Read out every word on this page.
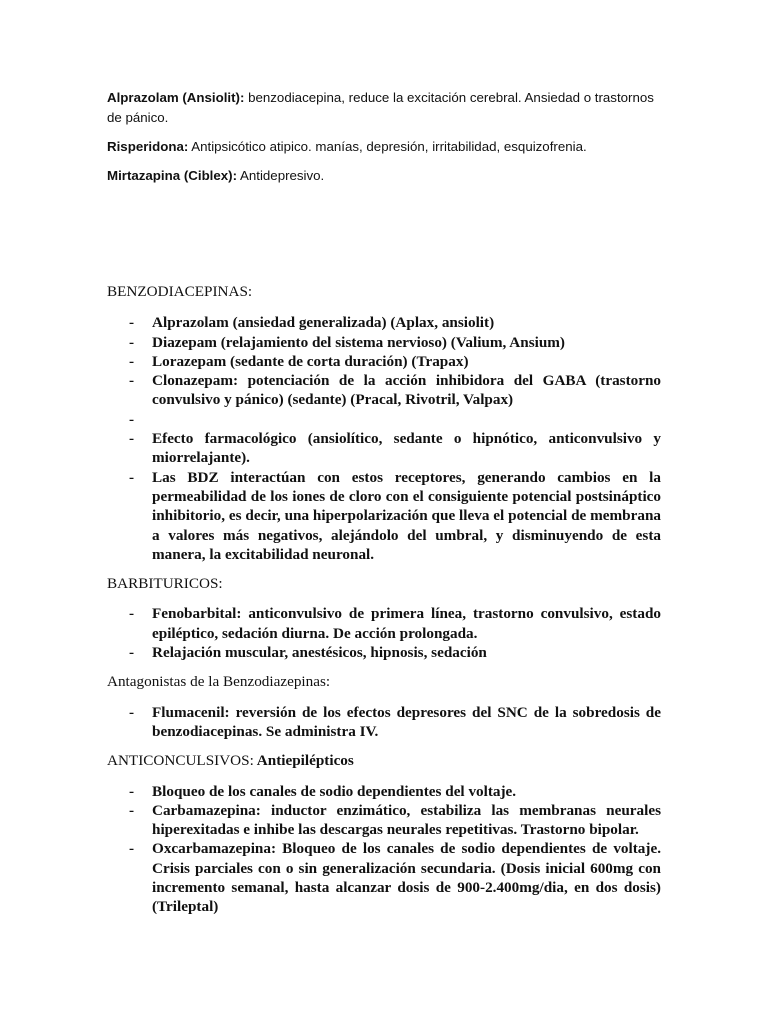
Alprazolam (Ansiolit): benzodiacepina, reduce la excitación cerebral. Ansiedad o trastornos de pánico.

Risperidona: Antipsicótico atipico. manías, depresión, irritabilidad, esquizofrenia.

Mirtazapina (Ciblex): Antidepresivo.

BENZODIACEPINAS:

- Alprazolam (ansiedad generalizada) (Aplax, ansiolit)
- Diazepam (relajamiento del sistema nervioso) (Valium, Ansium)
- Lorazepam (sedante de corta duración) (Trapax)
- Clonazepam: potenciación de la acción inhibidora del GABA (trastorno convulsivo y pánico) (sedante) (Pracal, Rivotril, Valpax)
-
- Efecto farmacológico (ansiolítico, sedante o hipnótico, anticonvulsivo y miorrelajante).
- Las BDZ interactúan con estos receptores, generando cambios en la permeabilidad de los iones de cloro con el consiguiente potencial postsináptico inhibitorio, es decir, una hiperpolarización que lleva el potencial de membrana a valores más negativos, alejándolo del umbral, y disminuyendo de esta manera, la excitabilidad neuronal.

BARBITURICOS:

- Fenobarbital: anticonvulsivo de primera línea, trastorno convulsivo, estado epiléptico, sedación diurna. De acción prolongada.
- Relajación muscular, anestésicos, hipnosis, sedación

Antagonistas de la Benzodiazepinas:

- Flumacenil: reversión de los efectos depresores del SNC de la sobredosis de benzodiacepinas. Se administra IV.

ANTICONCULSIVOS: Antiepilépticos

- Bloqueo de los canales de sodio dependientes del voltaje.
- Carbamazepina: inductor enzimático, estabiliza las membranas neurales hiperexitadas e inhibe las descargas neurales repetitivas. Trastorno bipolar.
- Oxcarbamazepina: Bloqueo de los canales de sodio dependientes de voltaje. Crisis parciales con o sin generalización secundaria. (Dosis inicial 600mg con incremento semanal, hasta alcanzar dosis de 900-2.400mg/dia, en dos dosis) (Trileptal)
